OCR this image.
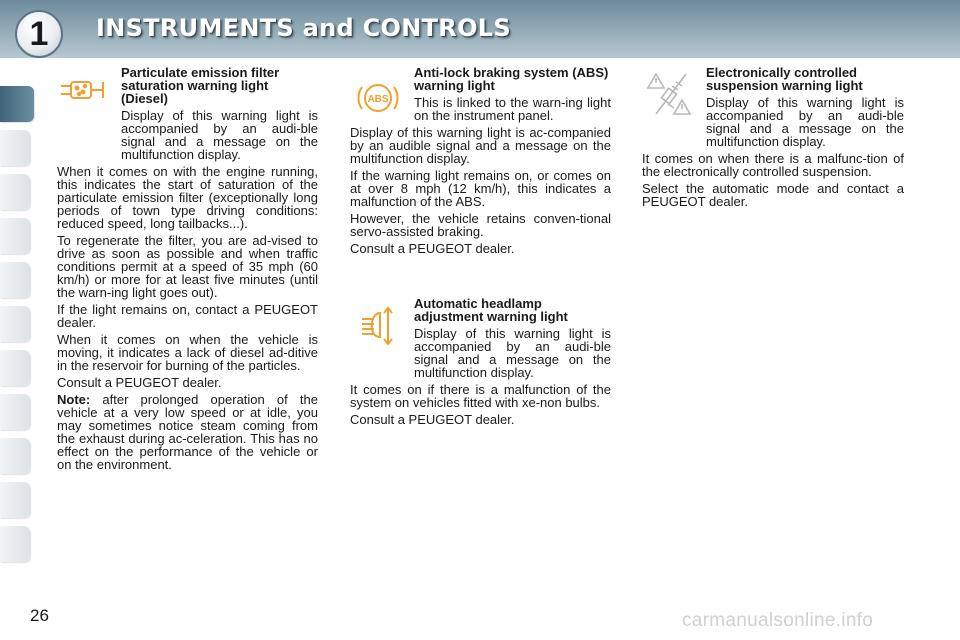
1	INSTRUMENTS and CONTROLS
Particulate emission filter saturation warning light (Diesel)

Display of this warning light is accompanied by an audi-ble signal and a message on the multifunction display.

When it comes on with the engine running, this indicates the start of saturation of the particulate emission filter (exceptionally long periods of town type driving conditions: reduced speed, long tailbacks...).

To regenerate the filter, you are ad-vised to drive as soon as possible and when traffic conditions permit at a speed of 35 mph (60 km/h) or more for at least five minutes (until the warn-ing light goes out).

If the light remains on, contact a PEUGEOT dealer.

When it comes on when the vehicle is moving, it indicates a lack of diesel ad-ditive in the reservoir for burning of the particles.

Consult a PEUGEOT dealer.

Note: after prolonged operation of the vehicle at a very low speed or at idle, you may sometimes notice steam coming from the exhaust during ac-celeration. This has no effect on the performance of the vehicle or on the environment.

ABS
Anti-lock braking system (ABS) warning light

This is linked to the warn-ing light on the instrument panel.

Display of this warning light is ac-companied by an audible signal and a message on the multifunction display.

If the warning light remains on, or comes on at over 8 mph (12 km/h), this indicates a malfunction of the ABS.

However, the vehicle retains conven-tional servo-assisted braking.

Consult a PEUGEOT dealer.

Automatic headlamp adjustment warning light

Display of this warning light is accompanied by an audi-ble signal and a message on the multifunction display.

It comes on if there is a malfunction of the system on vehicles fitted with xe-non bulbs.

Consult a PEUGEOT dealer.

Electronically controlled suspension warning light

Display of this warning light is accompanied by an audi-ble signal and a message on the multifunction display.

It comes on when there is a malfunc-tion of the electronically controlled suspension.

Select the automatic mode and contact a PEUGEOT dealer.

26	carmanualsonline.info
